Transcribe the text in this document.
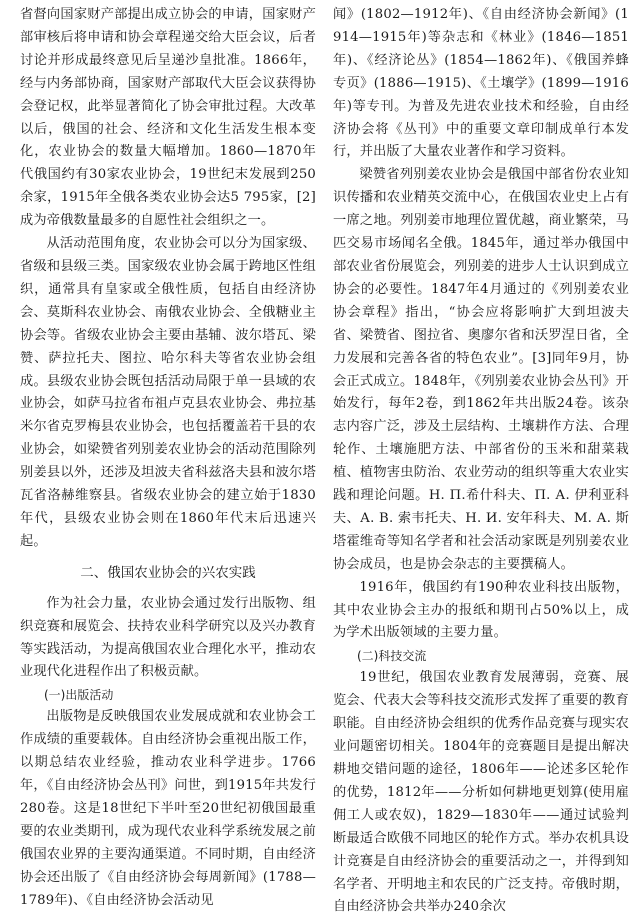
省督向国家财产部提出成立协会的申请，国家财产部审核后将申请和协会章程递交给大臣会议，后者讨论并形成最终意见后呈递沙皇批准。1866年，经与内务部协商，国家财产部取代大臣会议获得协会登记权，此举显著简化了协会审批过程。大改革以后，俄国的社会、经济和文化生活发生根本变化，农业协会的数量大幅增加。1860—1870年代俄国约有30家农业协会，19世纪末发展到250余家，1915年全俄各类农业协会达5 795家，[2]成为帝俄数量最多的自愿性社会组织之一。

从活动范围角度，农业协会可以分为国家级、省级和县级三类。国家级农业协会属于跨地区性组织，通常具有皇家或全俄性质，包括自由经济协会、莫斯科农业协会、南俄农业协会、全俄糖业主协会等。省级农业协会主要由基辅、波尔塔瓦、梁赞、萨拉托夫、图拉、哈尔科夫等省农业协会组成。县级农业协会既包括活动局限于单一县域的农业协会，如萨马拉省布祖卢克县农业协会、弗拉基米尔省克罗梅县农业协会，也包括覆盖若干县的农业协会，如梁赞省列别姜农业协会的活动范围除列别姜县以外，还涉及坦波夫省科兹洛夫县和波尔塔瓦省洛赫维察县。省级农业协会的建立始于1830年代，县级农业协会则在1860年代末后迅速兴起。

二、俄国农业协会的兴农实践

作为社会力量，农业协会通过发行出版物、组织竞赛和展览会、扶持农业科学研究以及兴办教育等实践活动，为提高俄国农业合理化水平，推动农业现代化进程作出了积极贡献。

(一)出版活动

出版物是反映俄国农业发展成就和农业协会工作成绩的重要载体。自由经济协会重视出版工作，以期总结农业经验，推动农业科学进步。1766年，《自由经济协会丛刊》问世，到1915年共发行280卷。这是18世纪下半叶至20世纪初俄国最重要的农业类期刊，成为现代农业科学系统发展之前俄国农业界的主要沟通渠道。不同时期，自由经济协会还出版了《自由经济协会每周新闻》(1788—1789年)、《自由经济协会活动见

闻》(1802—1912年)、《自由经济协会新闻》(1914—1915年)等杂志和《林业》(1846—1851年)、《经济论丛》(1854—1862年)、《俄国养蜂专页》(1886—1915)、《土壤学》(1899—1916年)等专刊。为普及先进农业技术和经验，自由经济协会将《丛刊》中的重要文章印制成单行本发行，并出版了大量农业著作和学习资料。

梁赞省列别姜农业协会是俄国中部省份农业知识传播和农业精英交流中心，在俄国农业史上占有一席之地。列别姜市地理位置优越，商业繁荣，马匹交易市场闻名全俄。1845年，通过举办俄国中部农业省份展览会，列别姜的进步人士认识到成立协会的必要性。1847年4月通过的《列别姜农业协会章程》指出，“协会应将影响扩大到坦波夫省、梁赞省、图拉省、奥廖尔省和沃罗涅日省，全力发展和完善各省的特色农业”。[3]同年9月，协会正式成立。1848年，《列别姜农业协会丛刊》开始发行，每年2卷，到1862年共出版24卷。该杂志内容广泛，涉及土层结构、土壤耕作方法、合理轮作、土壤施肥方法、中部省份的玉米和甜菜栽植、植物害虫防治、农业劳动的组织等重大农业实践和理论问题。Н. П.希什科夫、П. А. 伊利亚科夫、А. В. 索韦托夫、Н. И. 安年科夫、М. А. 斯塔霍维奇等知名学者和社会活动家既是列别姜农业协会成员，也是协会杂志的主要撰稿人。

1916年，俄国约有190种农业科技出版物，其中农业协会主办的报纸和期刊占50%以上，成为学术出版领域的主要力量。

(二)科技交流

19世纪，俄国农业教育发展薄弱，竞赛、展览会、代表大会等科技交流形式发挥了重要的教育职能。自由经济协会组织的优秀作品竞赛与现实农业问题密切相关。1804年的竞赛题目是提出解决耕地交错问题的途径，1806年——论述多区轮作的优势，1812年——分析如何耕地更划算(使用雇佣工人或农奴)，1829—1830年——通过试验判断最适合欧俄不同地区的轮作方式。举办农机具设计竞赛是自由经济协会的重要活动之一，并得到知名学者、开明地主和农民的广泛支持。帝俄时期，自由经济协会共举办240余次
